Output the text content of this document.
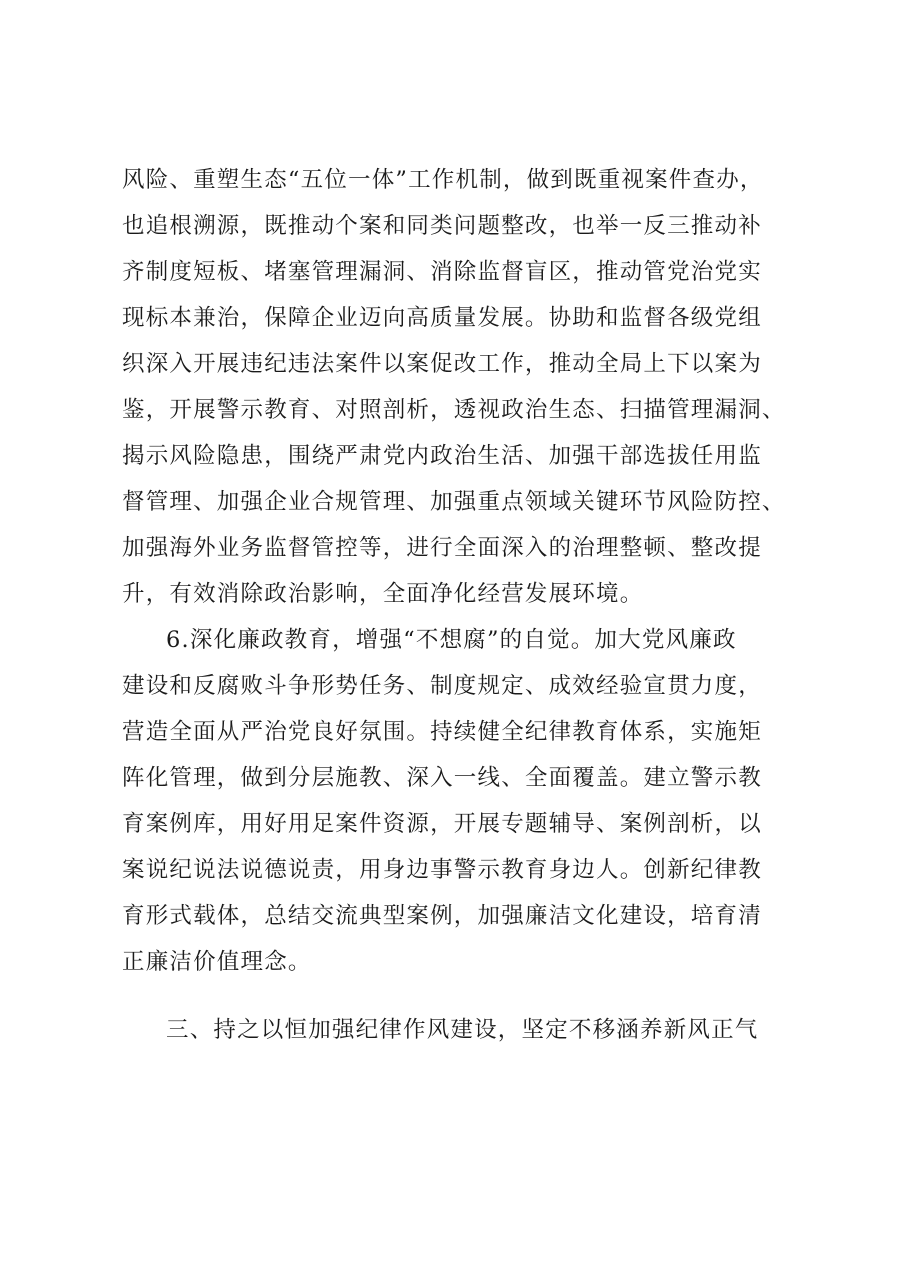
风险、重塑生态“五位一体”工作机制，做到既重视案件查办，
也追根溯源，既推动个案和同类问题整改，也举一反三推动补
齐制度短板、堵塞管理漏洞、消除监督盲区，推动管党治党实
现标本兼治，保障企业迈向高质量发展。协助和监督各级党组
织深入开展违纪违法案件以案促改工作，推动全局上下以案为
鉴，开展警示教育、对照剖析，透视政治生态、扫描管理漏洞、
揭示风险隐患，围绕严肃党内政治生活、加强干部选拔任用监
督管理、加强企业合规管理、加强重点领域关键环节风险防控、
加强海外业务监督管控等，进行全面深入的治理整顿、整改提
升，有效消除政治影响，全面净化经营发展环境。
6.深化廉政教育，增强“不想腐”的自觉。加大党风廉政
建设和反腐败斗争形势任务、制度规定、成效经验宣贯力度，
营造全面从严治党良好氛围。持续健全纪律教育体系，实施矩
阵化管理，做到分层施教、深入一线、全面覆盖。建立警示教
育案例库，用好用足案件资源，开展专题辅导、案例剖析，以
案说纪说法说德说责，用身边事警示教育身边人。创新纪律教
育形式载体，总结交流典型案例，加强廉洁文化建设，培育清
正廉洁价值理念。
三、持之以恒加强纪律作风建设，坚定不移涵养新风正气
